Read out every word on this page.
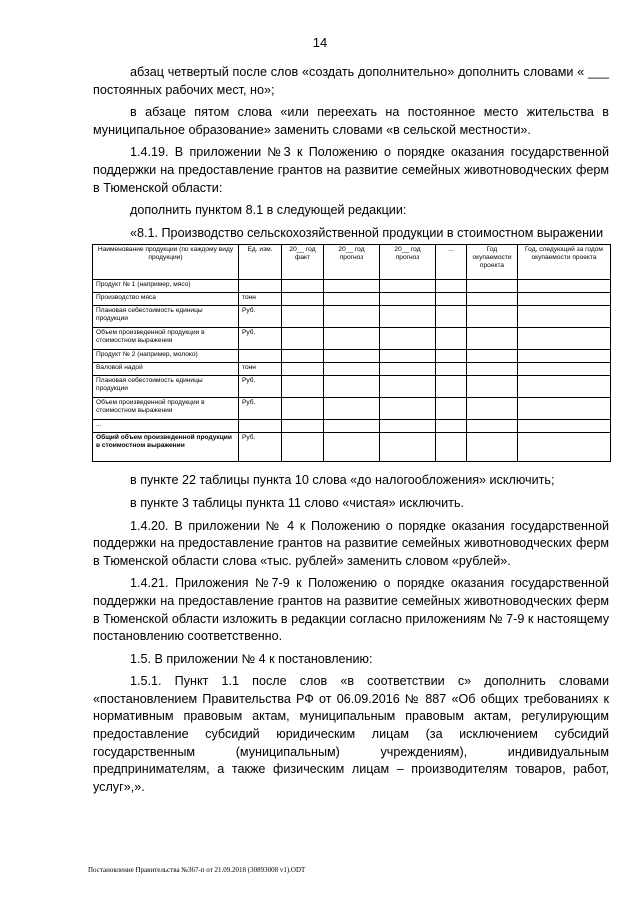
14

абзац четвертый после слов «создать дополнительно» дополнить словами « ___ постоянных рабочих мест, но»;

в абзаце пятом слова «или переехать на постоянное место жительства в муниципальное образование» заменить словами «в сельской местности».

1.4.19. В приложении №3 к Положению о порядке оказания государственной поддержки на предоставление грантов на развитие семейных животноводческих ферм в Тюменской области:

дополнить пунктом 8.1 в следующей редакции:

«8.1. Производство сельскохозяйственной продукции в стоимостном выражении

Наименование продукции (по каждому виду продукции)	Ед. изм.	20__ год факт	20__ год прогноз	20__ год прогноз	...	Год окупаемости проекта	Год, следующий за годом окупаемости проекта
Продукт № 1 (например, мясо)							
Производство мяса	тонн						
Плановая себестоимость единицы продукции	Руб.						
Объем произведенной продукции в стоимостном выражении	Руб.						
Продукт № 2 (например, молоко)							
Валовой надой	тонн						
Плановая себестоимость единицы продукции	Руб.						
Объем произведенной продукции в стоимостном выражении	Руб.						
...							
Общий объем произведенной продукции в стоимостном выражении	Руб.						

в пункте 22 таблицы пункта 10 слова «до налогообложения» исключить;

в пункте 3 таблицы пункта 11 слово «чистая» исключить.

1.4.20. В приложении № 4 к Положению о порядке оказания государственной поддержки на предоставление грантов на развитие семейных животноводческих ферм в Тюменской области слова «тыс. рублей» заменить словом «рублей».

1.4.21. Приложения №7-9 к Положению о порядке оказания государственной поддержки на предоставление грантов на развитие семейных животноводческих ферм в Тюменской области изложить в редакции согласно приложениям № 7-9 к настоящему постановлению соответственно.

1.5. В приложении № 4 к постановлению:

1.5.1. Пункт 1.1 после слов «в соответствии с» дополнить словами «постановлением Правительства РФ от 06.09.2016 № 887 «Об общих требованиях к нормативным правовым актам, муниципальным правовым актам, регулирующим предоставление субсидий юридическим лицам (за исключением субсидий государственным (муниципальным) учреждениям), индивидуальным предпринимателям, а также физическим лицам – производителям товаров, работ, услуг»,».

Постановление Правительства №367-п от 21.09.2018 (30893008 v1).ODT
